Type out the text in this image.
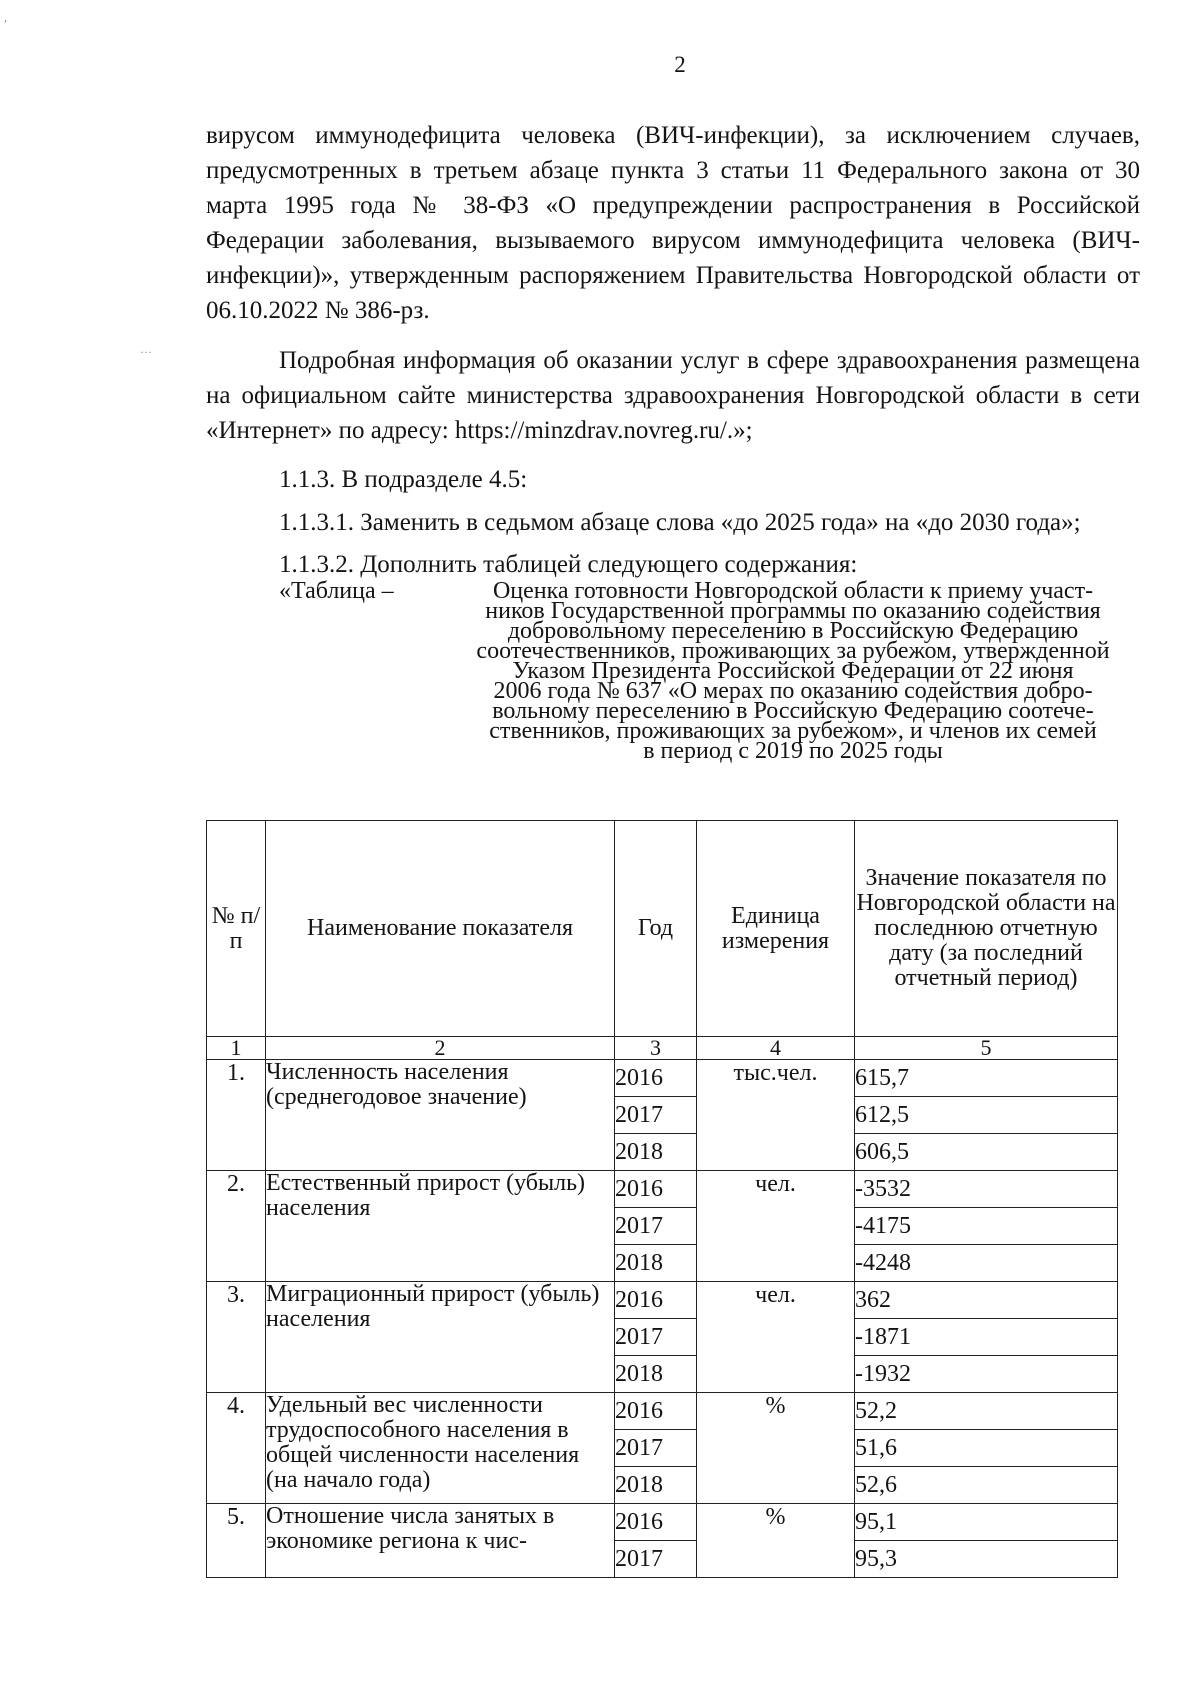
,
···
2

вирусом иммунодефицита человека (ВИЧ-инфекции), за исключением случаев, предусмотренных в третьем абзаце пункта 3 статьи 11 Федерального закона от 30 марта 1995 года № 38-ФЗ «О предупреждении распространения в Российской Федерации заболевания, вызываемого вирусом иммунодефицита человека (ВИЧ-инфекции)», утвержденным распоряжением Правительства Новгородской области от 06.10.2022 № 386-рз.

Подробная информация об оказании услуг в сфере здравоохранения размещена на официальном сайте министерства здравоохранения Новгородской области в сети «Интернет» по адресу: https://minzdrav.novreg.ru/.»;

1.1.3. В подразделе 4.5:
1.1.3.1. Заменить в седьмом абзаце слова «до 2025 года» на «до 2030 года»;
1.1.3.2. Дополнить таблицей следующего содержания:
«Таблица –	Оценка готовности Новгородской области к приему участ-
ников Государственной программы по оказанию содействия
добровольному переселению в Российскую Федерацию
соотечественников, проживающих за рубежом, утвержденной
Указом Президента Российской Федерации от 22 июня
2006 года № 637 «О мерах по оказанию содействия добро-
вольному переселению в Российскую Федерацию соотече-
ственников, проживающих за рубежом», и членов их семей
в период с 2019 по 2025 годы
№ п/п	Наименование показателя	Год	Единица измерения	Значение показателя по Новгородской области на последнюю отчетную дату (за последний отчетный период)
1	2	3	4	5
1.	Численность населения (среднегодовое значение)	2016	тыс.чел.	615,7
		2017		612,5
		2018		606,5
2.	Естественный прирост (убыль) населения	2016	чел.	-3532
		2017		-4175
		2018		-4248
3.	Миграционный прирост (убыль) населения	2016	чел.	362
		2017		-1871
		2018		-1932
4.	Удельный вес численности трудоспособного населения в общей численности населения (на начало года)	2016	%	52,2
		2017		51,6
		2018		52,6
5.	Отношение числа занятых в экономике региона к чис-	2016	%	95,1
		2017		95,3
